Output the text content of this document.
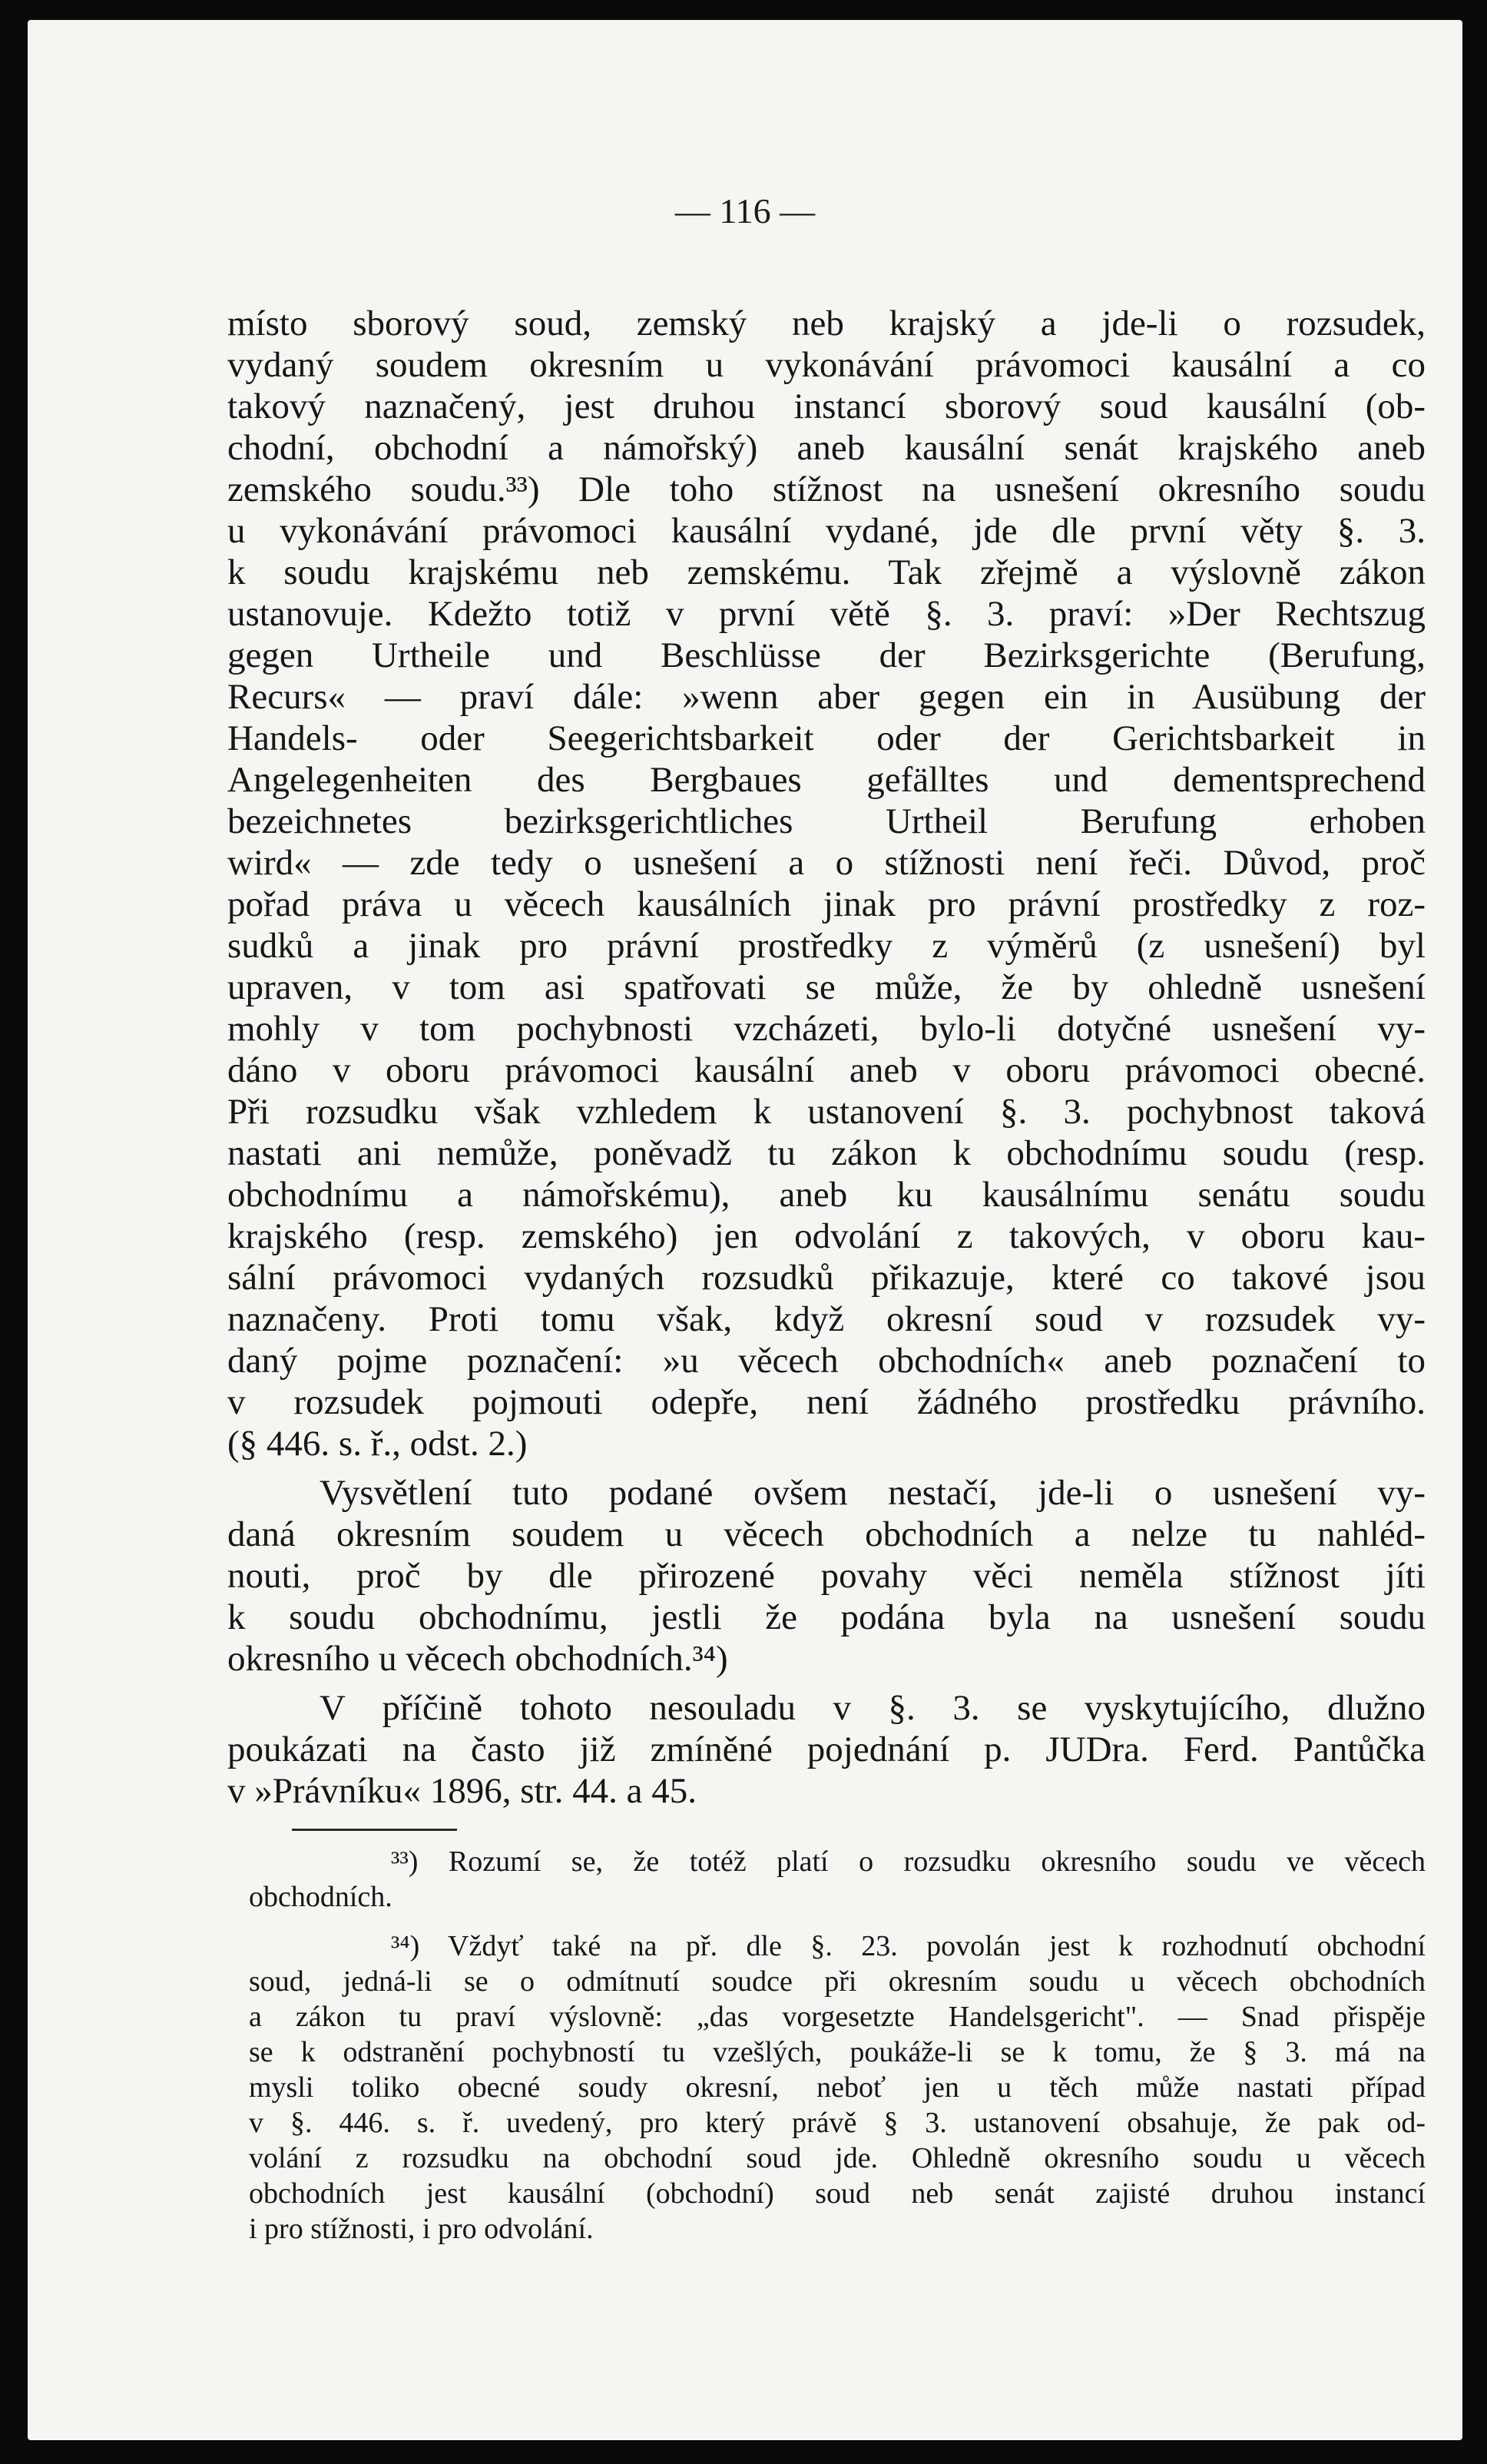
— 116 —

místo sborový soud, zemský neb krajský a jde-li o rozsudek,
vydaný soudem okresním u vykonávání právomoci kausální a co
takový naznačený, jest druhou instancí sborový soud kausální (ob-
chodní, obchodní a námořský) aneb kausální senát krajského aneb
zemského soudu.³³) Dle toho stížnost na usnešení okresního soudu
u vykonávání právomoci kausální vydané, jde dle první věty §. 3.
k soudu krajskému neb zemskému. Tak zřejmě a výslovně zákon
ustanovuje. Kdežto totiž v první větě §. 3. praví: »Der Rechtszug
gegen Urtheile und Beschlüsse der Bezirksgerichte (Berufung,
Recurs« — praví dále: »wenn aber gegen ein in Ausübung der
Handels- oder Seegerichtsbarkeit oder der Gerichtsbarkeit in
Angelegenheiten des Bergbaues gefälltes und dementsprechend
bezeichnetes bezirksgerichtliches Urtheil Berufung erhoben
wird« — zde tedy o usnešení a o stížnosti není řeči. Důvod, proč
pořad práva u věcech kausálních jinak pro právní prostředky z roz-
sudků a jinak pro právní prostředky z výměrů (z usnešení) byl
upraven, v tom asi spatřovati se může, že by ohledně usnešení
mohly v tom pochybnosti vzcházeti, bylo-li dotyčné usnešení vy-
dáno v oboru právomoci kausální aneb v oboru právomoci obecné.
Při rozsudku však vzhledem k ustanovení §. 3. pochybnost taková
nastati ani nemůže, poněvadž tu zákon k obchodnímu soudu (resp.
obchodnímu a námořskému), aneb ku kausálnímu senátu soudu
krajského (resp. zemského) jen odvolání z takových, v oboru kau-
sální právomoci vydaných rozsudků přikazuje, které co takové jsou
naznačeny. Proti tomu však, když okresní soud v rozsudek vy-
daný pojme poznačení: »u věcech obchodních« aneb poznačení to
v rozsudek pojmouti odepře, není žádného prostředku právního.
(§ 446. s. ř., odst. 2.)

Vysvětlení tuto podané ovšem nestačí, jde-li o usnešení vy-
daná okresním soudem u věcech obchodních a nelze tu nahléd-
nouti, proč by dle přirozené povahy věci neměla stížnost jíti
k soudu obchodnímu, jestli že podána byla na usnešení soudu
okresního u věcech obchodních.³⁴)

V příčině tohoto nesouladu v §. 3. se vyskytujícího, dlužno
poukázati na často již zmíněné pojednání p. JUDra. Ferd. Pantůčka
v »Právníku« 1896, str. 44. a 45.

³³) Rozumí se, že totéž platí o rozsudku okresního soudu ve věcech
obchodních.

³⁴) Vždyť také na př. dle §. 23. povolán jest k rozhodnutí obchodní
soud, jedná-li se o odmítnutí soudce při okresním soudu u věcech obchodních
a zákon tu praví výslovně: „das vorgesetzte Handelsgericht". — Snad přispěje
se k odstranění pochybností tu vzešlých, poukáže-li se k tomu, že § 3. má na
mysli toliko obecné soudy okresní, neboť jen u těch může nastati případ
v §. 446. s. ř. uvedený, pro který právě § 3. ustanovení obsahuje, že pak od-
volání z rozsudku na obchodní soud jde. Ohledně okresního soudu u věcech
obchodních jest kausální (obchodní) soud neb senát zajisté druhou instancí
i pro stížnosti, i pro odvolání.
